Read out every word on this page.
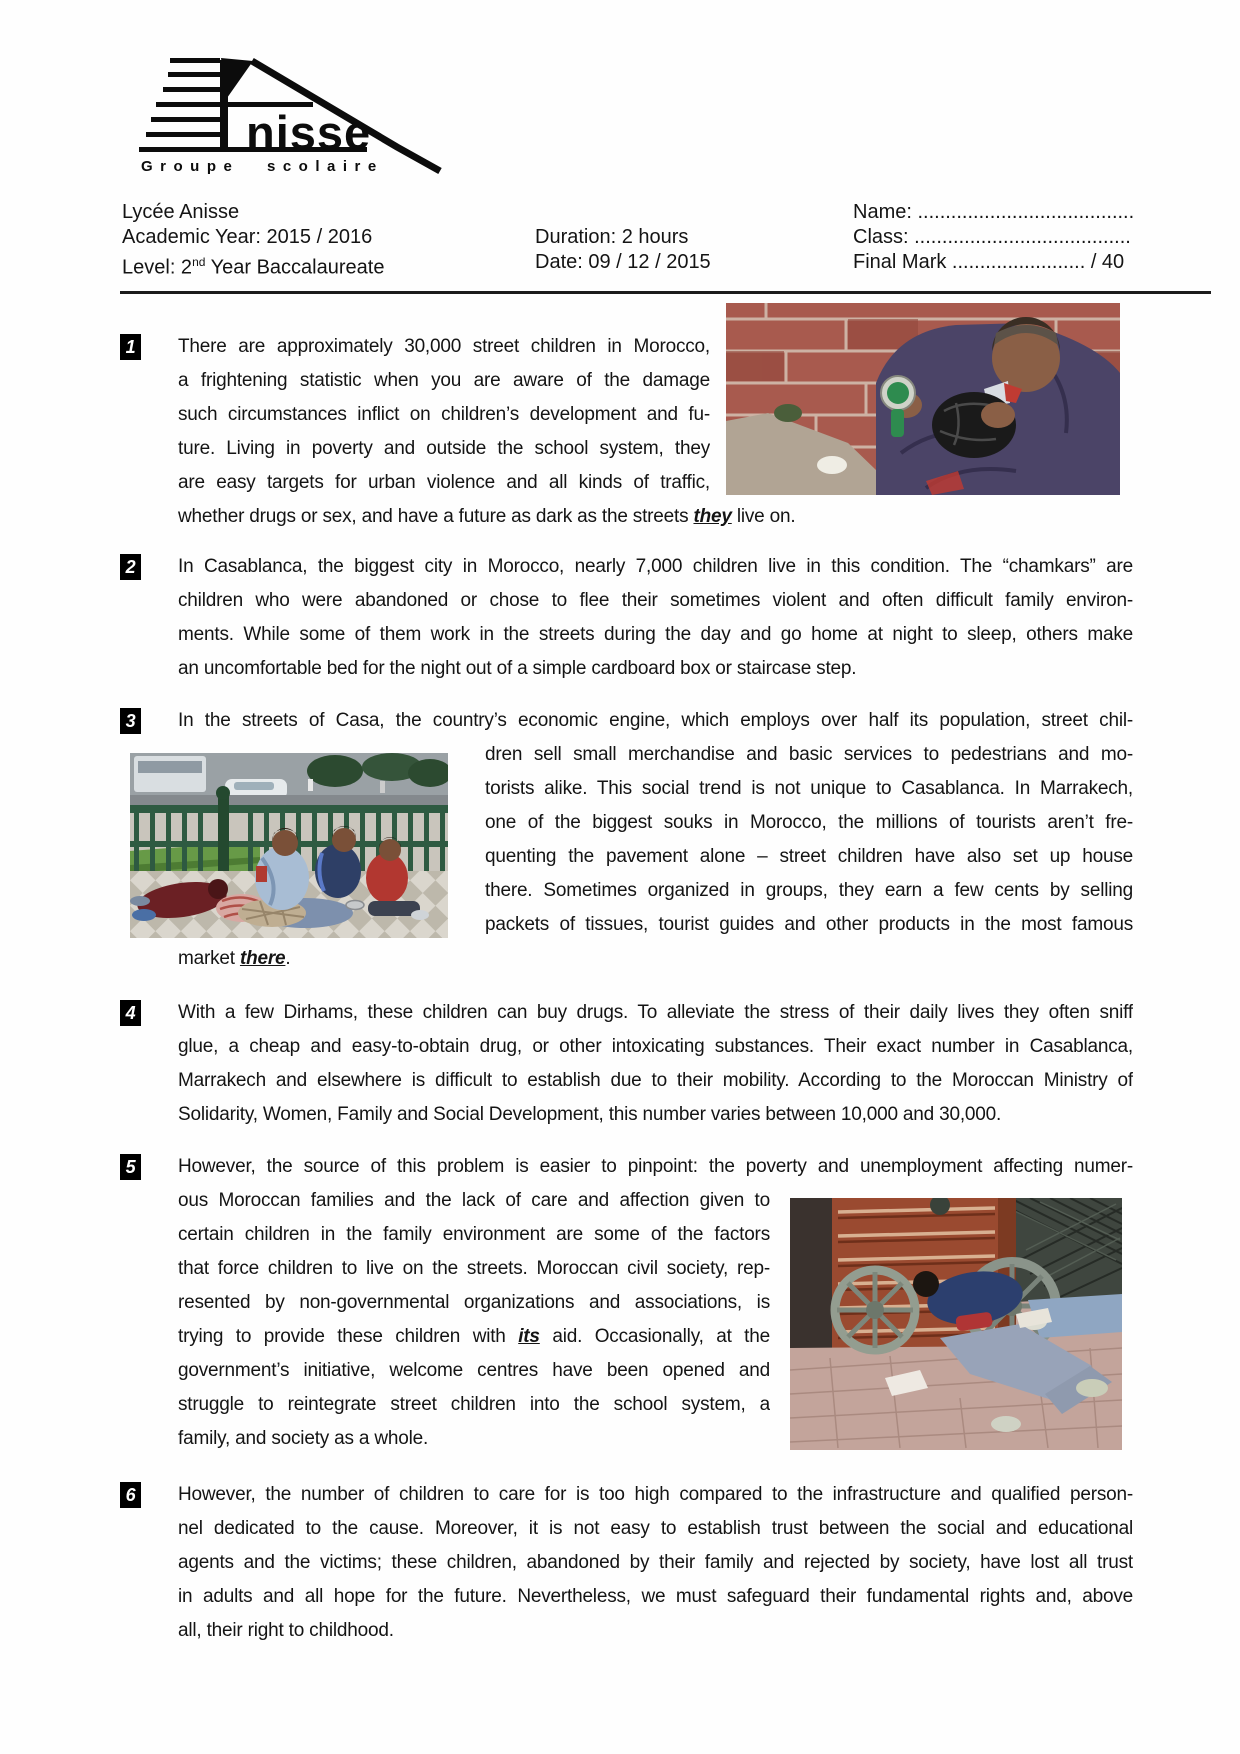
nisse
Groupe scolaire
Lycée Anisse
Academic Year: 2015 / 2016
Level: 2nd Year Baccalaureate

Duration: 2 hours
Date: 09 / 12 / 2015
Name: .......................................
Class: .......................................
Final Mark ........................ / 40
1 There are approximately 30,000 street children in Morocco,
a frightening statistic when you are aware of the damage
such circumstances inflict on children’s development and fu-
ture. Living in poverty and outside the school system, they
are easy targets for urban violence and all kinds of traffic,
whether drugs or sex, and have a future as dark as the streets they live on.
2 In Casablanca, the biggest city in Morocco, nearly 7,000 children live in this condition. The “chamkars” are
children who were abandoned or chose to flee their sometimes violent and often difficult family environ-
ments. While some of them work in the streets during the day and go home at night to sleep, others make
an uncomfortable bed for the night out of a simple cardboard box or staircase step.
3 In the streets of Casa, the country’s economic engine, which employs over half its population, street chil-
dren sell small merchandise and basic services to pedestrians and mo-
torists alike. This social trend is not unique to Casablanca. In Marrakech,
one of the biggest souks in Morocco, the millions of tourists aren’t fre-
quenting the pavement alone – street children have also set up house
there. Sometimes organized in groups, they earn a few cents by selling
packets of tissues, tourist guides and other products in the most famous
market there.
4 With a few Dirhams, these children can buy drugs. To alleviate the stress of their daily lives they often sniff
glue, a cheap and easy-to-obtain drug, or other intoxicating substances. Their exact number in Casablanca,
Marrakech and elsewhere is difficult to establish due to their mobility. According to the Moroccan Ministry of
Solidarity, Women, Family and Social Development, this number varies between 10,000 and 30,000.
5 However, the source of this problem is easier to pinpoint: the poverty and unemployment affecting numer-
ous Moroccan families and the lack of care and affection given to
certain children in the family environment are some of the factors
that force children to live on the streets. Moroccan civil society, rep-
resented by non-governmental organizations and associations, is
trying to provide these children with its aid. Occasionally, at the
government’s initiative, welcome centres have been opened and
struggle to reintegrate street children into the school system, a
family, and society as a whole.
6 However, the number of children to care for is too high compared to the infrastructure and qualified person-
nel dedicated to the cause. Moreover, it is not easy to establish trust between the social and educational
agents and the victims; these children, abandoned by their family and rejected by society, have lost all trust
in adults and all hope for the future. Nevertheless, we must safeguard their fundamental rights and, above
all, their right to childhood.
